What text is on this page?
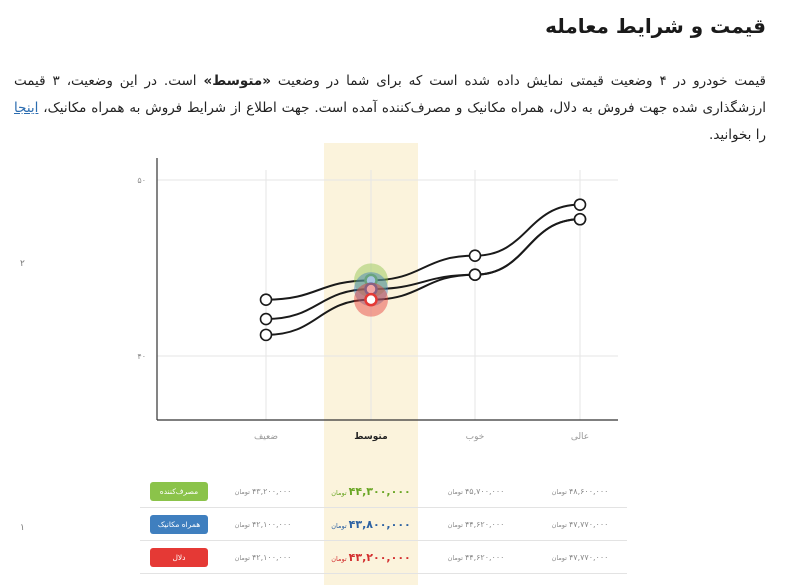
قیمت و شرایط معامله
قیمت خودرو در ۴ وضعیت قیمتی نمایش داده شده است که برای شما در وضعیت «متوسط» است. در این وضعیت، ۳ قیمت ارزشگذاری شده جهت فروش به دلال، همراه مکانیک و مصرف‌کننده آمده است. جهت اطلاع از شرایط فروش به همراه مکانیک، اینجا را بخوانید.
۵۰
۴۰
ضعیف	متوسط	خوب	عالی
۲
۱
مصرف‌کننده	۴۸,۶۰۰,۰۰۰تومان
۴۵,۷۰۰,۰۰۰تومان
۴۴,۳۰۰,۰۰۰تومان
۴۳,۲۰۰,۰۰۰تومان
همراه مکانیک	۴۷,۷۷۰,۰۰۰تومان
۴۴,۶۲۰,۰۰۰تومان
۴۳,۸۰۰,۰۰۰تومان
۴۲,۱۰۰,۰۰۰تومان
دلال	۴۷,۷۷۰,۰۰۰تومان
۴۴,۶۲۰,۰۰۰تومان
۴۳,۲۰۰,۰۰۰تومان
۴۲,۱۰۰,۰۰۰تومان
